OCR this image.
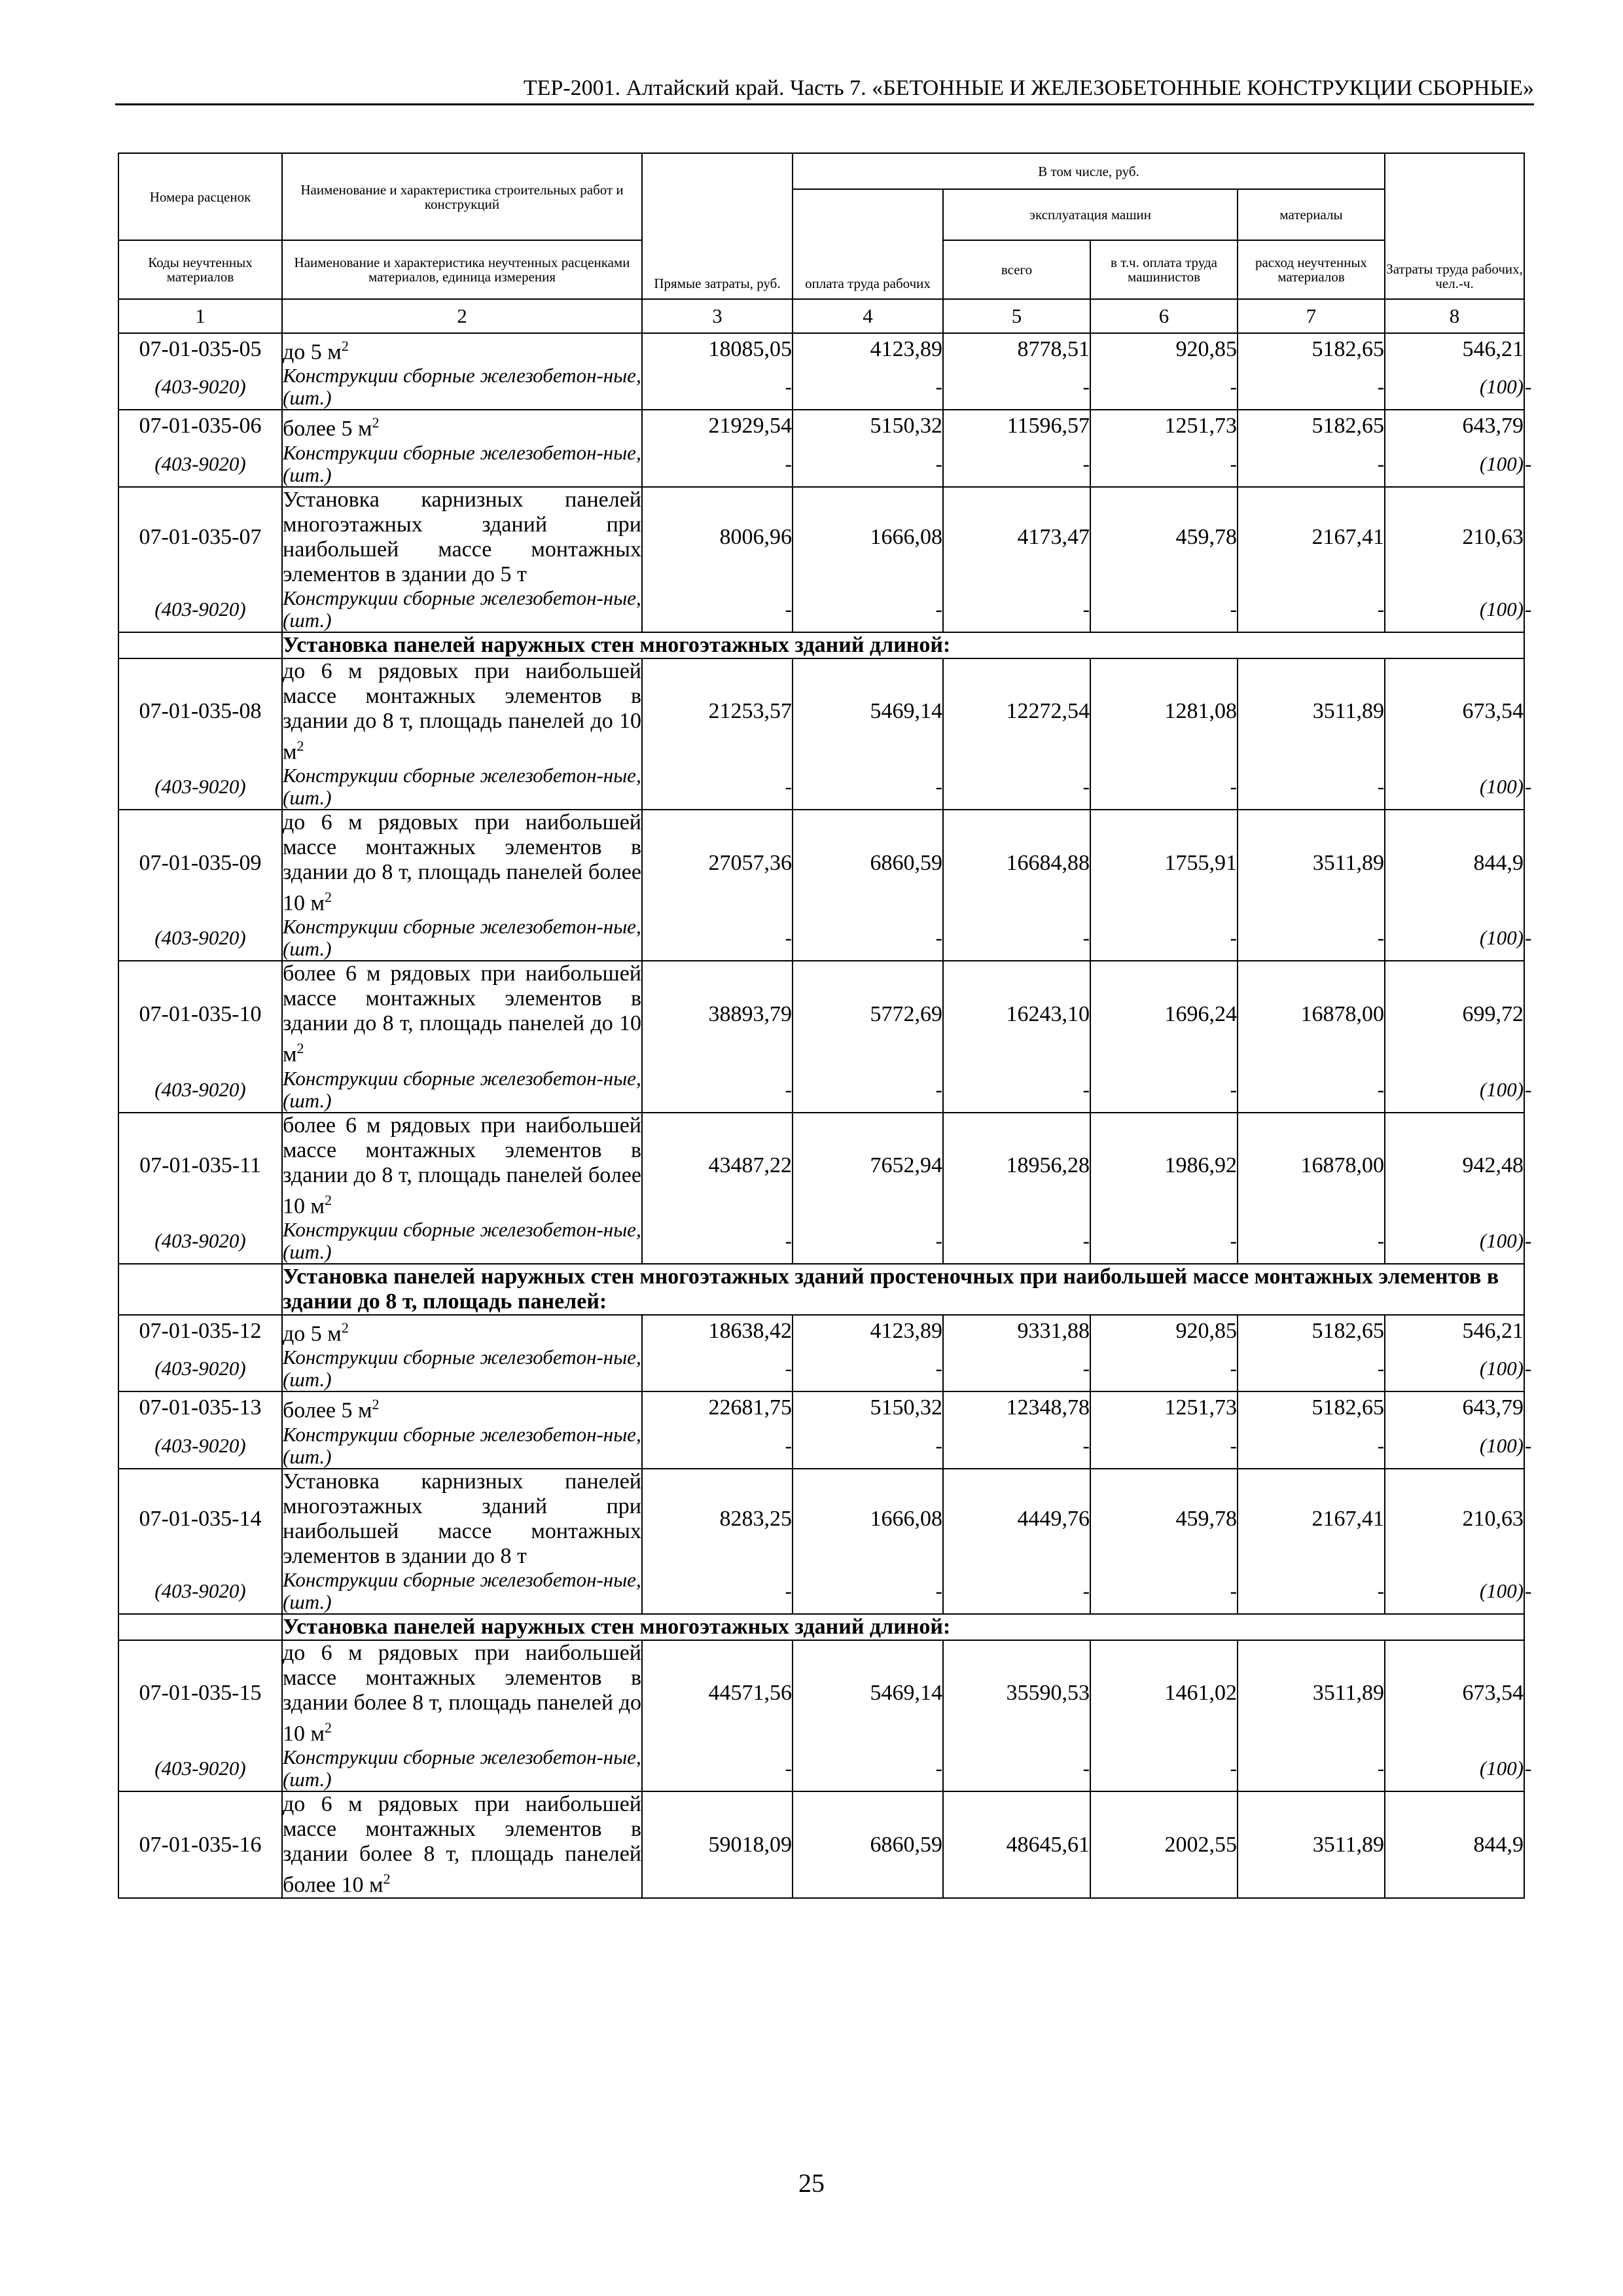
ТЕР-2001. Алтайский край. Часть 7. «БЕТОННЫЕ И ЖЕЛЕЗОБЕТОННЫЕ КОНСТРУКЦИИ СБОРНЫЕ»
Номера расценок	Наименование и характеристика строительных работ и конструкций	Прямые затраты, руб.	В том числе, руб.				Затраты труда рабочих, чел.-ч.	
			оплата труда рабочих	эксплуатация машин		материалы		
Коды неучтенных материалов	Наименование и характеристика неучтенных расценками материалов, единица измерения			всего	в т.ч. оплата труда машинистов	расход неучтенных материалов		
1	2	3	4	5	6	7	8	
07-01-035-05	до 5 $м^2$	18085,05	4123,89	8778,51	920,85	5182,65	546,21	
(403-9020)	Конструкции сборные железобетон-ные, (шт.)	-	-	-	-	-	(100)	-
07-01-035-06	более 5 $м^2$	21929,54	5150,32	11596,57	1251,73	5182,65	643,79	
(403-9020)	Конструкции сборные железобетон-ные, (шт.)	-	-	-	-	-	(100)	-
07-01-035-07	Установка карнизных панелей многоэтажных зданий при наибольшей массе монтажных элементов в здании до 5 т	8006,96	1666,08	4173,47	459,78	2167,41	210,63	
(403-9020)	Конструкции сборные железобетон-ные, (шт.)	-	-	-	-	-	(100)	-
	Установка панелей наружных стен многоэтажных зданий длиной:							
07-01-035-08	до 6 м рядовых при наибольшей массе монтажных элементов в здании до 8 т, площадь панелей до 10 $м^2$	21253,57	5469,14	12272,54	1281,08	3511,89	673,54	
(403-9020)	Конструкции сборные железобетон-ные, (шт.)	-	-	-	-	-	(100)	-
07-01-035-09	до 6 м рядовых при наибольшей массе монтажных элементов в здании до 8 т, площадь панелей более 10 $м^2$	27057,36	6860,59	16684,88	1755,91	3511,89	844,9	
(403-9020)	Конструкции сборные железобетон-ные, (шт.)	-	-	-	-	-	(100)	-
07-01-035-10	более 6 м рядовых при наибольшей массе монтажных элементов в здании до 8 т, площадь панелей до 10 $м^2$	38893,79	5772,69	16243,10	1696,24	16878,00	699,72	
(403-9020)	Конструкции сборные железобетон-ные, (шт.)	-	-	-	-	-	(100)	-
07-01-035-11	более 6 м рядовых при наибольшей массе монтажных элементов в здании до 8 т, площадь панелей более 10 $м^2$	43487,22	7652,94	18956,28	1986,92	16878,00	942,48	
(403-9020)	Конструкции сборные железобетон-ные, (шт.)	-	-	-	-	-	(100)	-
	Установка панелей наружных стен многоэтажных зданий простеночных при наибольшей массе монтажных элементов в здании до 8 т, площадь панелей:							
07-01-035-12	до 5 $м^2$	18638,42	4123,89	9331,88	920,85	5182,65	546,21	
(403-9020)	Конструкции сборные железобетон-ные, (шт.)	-	-	-	-	-	(100)	-
07-01-035-13	более 5 $м^2$	22681,75	5150,32	12348,78	1251,73	5182,65	643,79	
(403-9020)	Конструкции сборные железобетон-ные, (шт.)	-	-	-	-	-	(100)	-
07-01-035-14	Установка карнизных панелей многоэтажных зданий при наибольшей массе монтажных элементов в здании до 8 т	8283,25	1666,08	4449,76	459,78	2167,41	210,63	
(403-9020)	Конструкции сборные железобетон-ные, (шт.)	-	-	-	-	-	(100)	-
	Установка панелей наружных стен многоэтажных зданий длиной:							
07-01-035-15	до 6 м рядовых при наибольшей массе монтажных элементов в здании более 8 т, площадь панелей до 10 $м^2$	44571,56	5469,14	35590,53	1461,02	3511,89	673,54	
(403-9020)	Конструкции сборные железобетон-ные, (шт.)	-	-	-	-	-	(100)	-
07-01-035-16	до 6 м рядовых при наибольшей массе монтажных элементов в здании более 8 т, площадь панелей более 10 $м^2$	59018,09	6860,59	48645,61	2002,55	3511,89	844,9	
25
